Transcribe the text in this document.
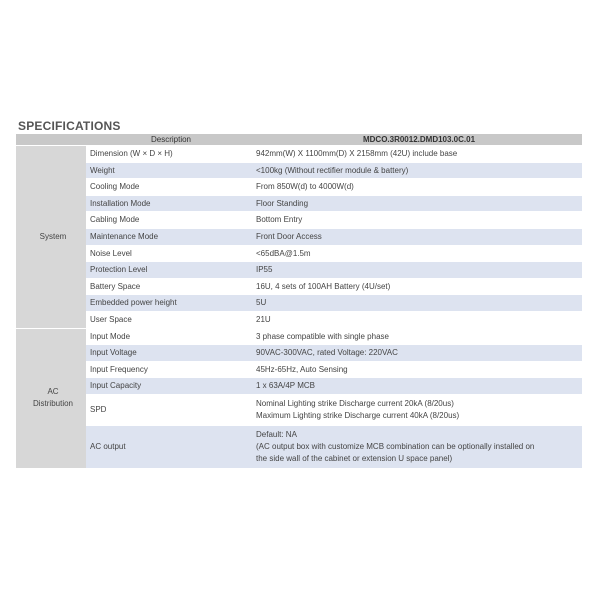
SPECIFICATIONS
	Description	MDCO.3R0012.DMD103.0C.01
System	Dimension (W × D × H)	942mm(W) X 1100mm(D) X 2158mm (42U) include base
	Weight	<100kg (Without rectifier module & battery)
	Cooling Mode	From 850W(d) to 4000W(d)
	Installation Mode	Floor Standing
	Cabling Mode	Bottom Entry
	Maintenance Mode	Front Door Access
	Noise Level	<65dBA@1.5m
	Protection Level	IP55
	Battery Space	16U, 4 sets of 100AH Battery (4U/set)
	Embedded power height	5U
	User Space	21U

AC
Distribution	Input Mode	3 phase compatible with single phase
	Input Voltage	90VAC-300VAC, rated Voltage: 220VAC
	Input Frequency	45Hz-65Hz, Auto Sensing
	Input Capacity	1 x 63A/4P MCB
	SPD	Nominal Lighting strike Discharge current 20kA (8/20us)
Maximum Lighting strike Discharge current 40kA (8/20us)

	AC output	Default: NA
(AC output box with customize MCB combination can be optionally installed on
the side wall of the cabinet or extension U space panel)
